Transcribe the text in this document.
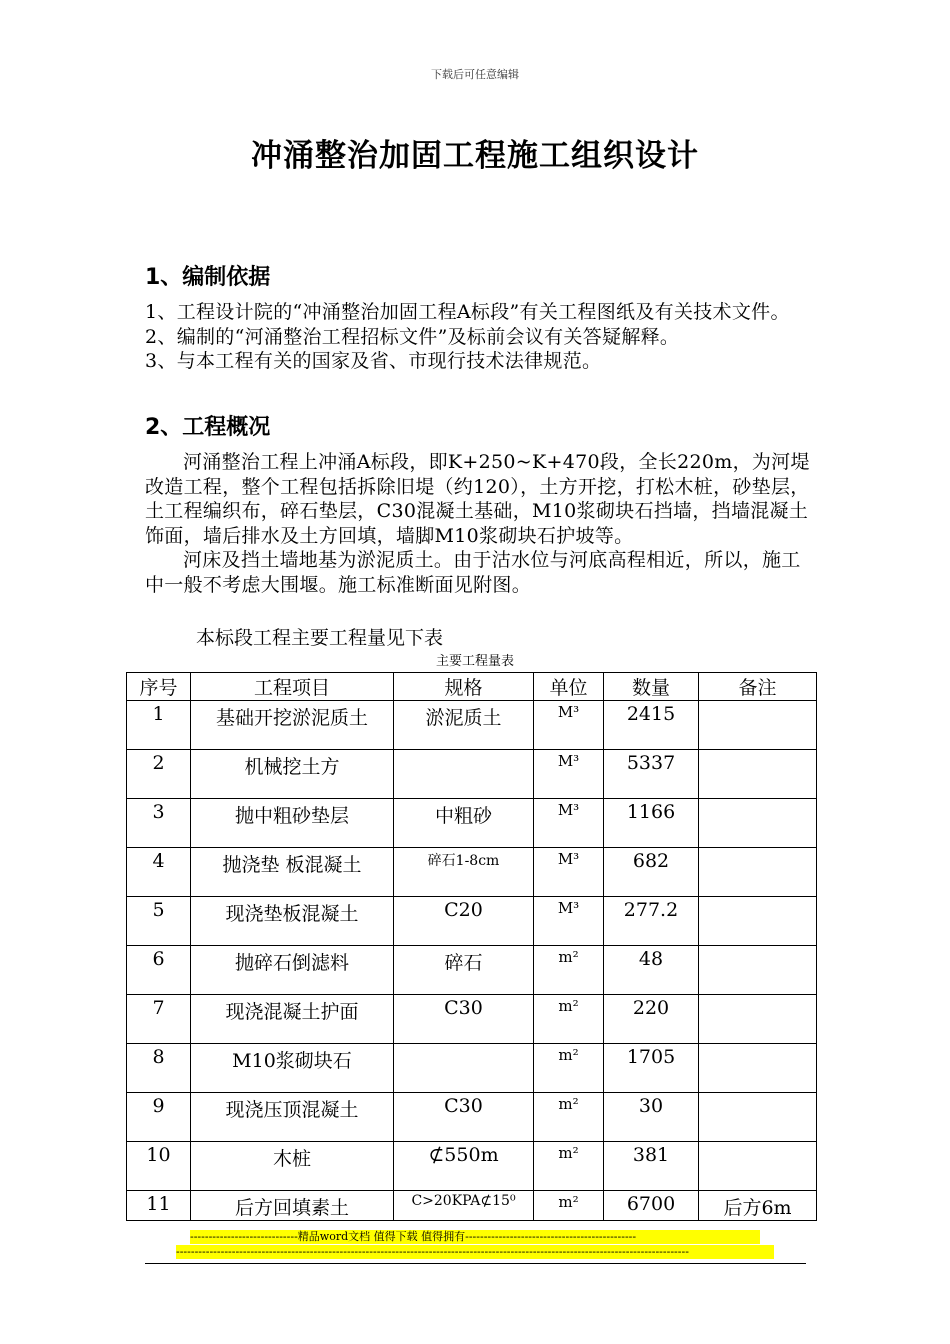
下载后可任意编辑
冲涌整治加固工程施工组织设计
1、编制依据

1、工程设计院的“冲涌整治加固工程A标段”有关工程图纸及有关技术文件。

2、编制的“河涌整治工程招标文件”及标前会议有关答疑解释。

3、与本工程有关的国家及省、市现行技术法律规范。

2、工程概况

河涌整治工程上冲涌A标段，即K+250~K+470段，全长220m，为河堤改造工程，整个工程包括拆除旧堤（约120），土方开挖，打松木桩，砂垫层，土工程编织布，碎石垫层，C30混凝土基础，M10浆砌块石挡墙，挡墙混凝土饰面，墙后排水及土方回填，墙脚M10浆砌块石护坡等。

河床及挡土墙地基为淤泥质土。由于沽水位与河底高程相近，所以，施工中一般不考虑大围堰。施工标准断面见附图。

本标段工程主要工程量见下表
主要工程量表
序号	工程项目	规格	单位	数量	备注
1	基础开挖淤泥质土	淤泥质土	M³	2415	
2	机械挖土方		M³	5337	
3	抛中粗砂垫层	中粗砂	M³	1166	
4	抛浇垫 板混凝土	碎石1-8cm	M³	682	
5	现浇垫板混凝土	C20	M³	277.2	
6	抛碎石倒滤料	碎石	m²	48	
7	现浇混凝土护面	C30	m²	220	
8	M10浆砌块石		m²	1705	
9	现浇压顶混凝土	C30	m²	30	
10	木桩	⊄550m	m²	381	
11	后方回填素土	C>20KPA⊄15⁰	m²	6700	后方6m
-----------------------------精品word文档 值得下载 值得拥有----------------------------------------------
------------------------------------------------------------------------------------------------------------------------------------------
